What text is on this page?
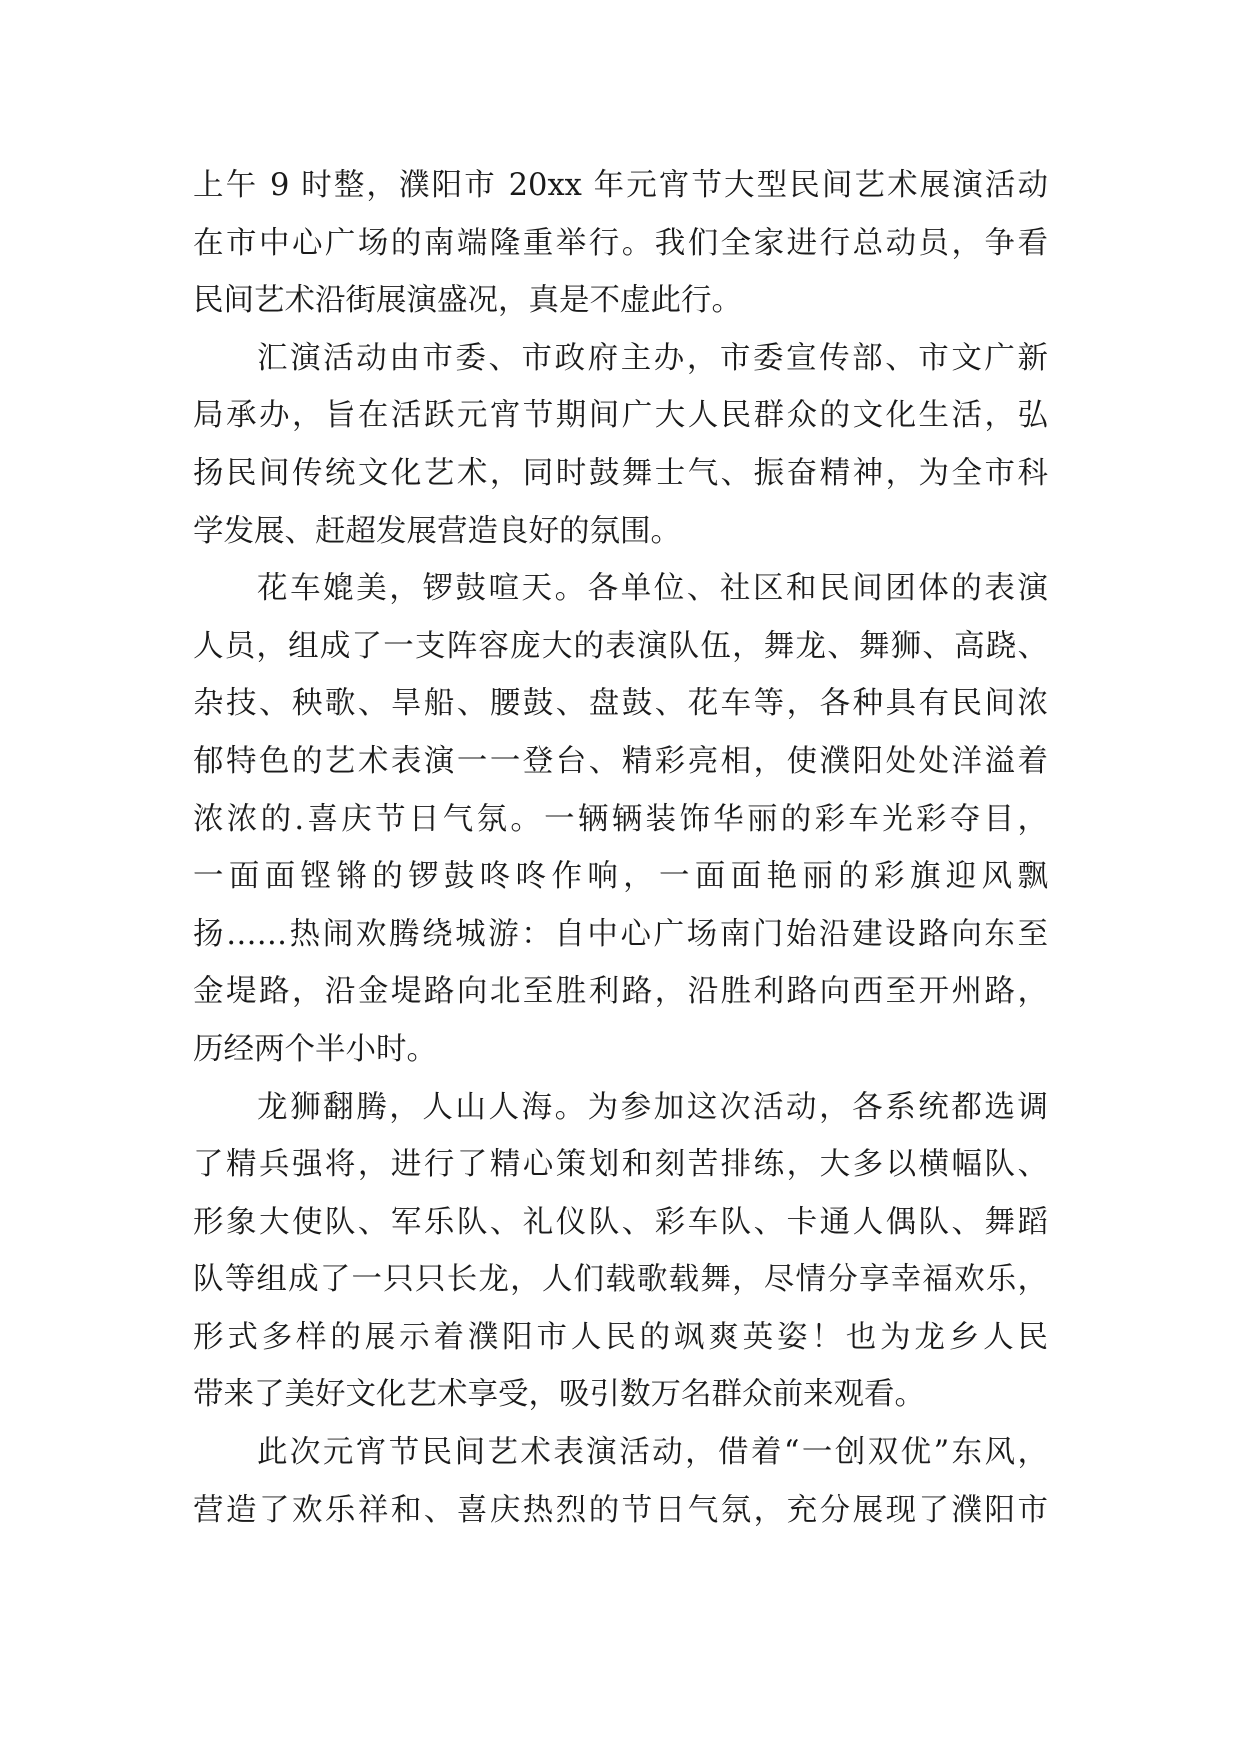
上午 9 时整，濮阳市 20xx 年元宵节大型民间艺术展演活动
在市中心广场的南端隆重举行。我们全家进行总动员，争看
民间艺术沿街展演盛况，真是不虚此行。
汇演活动由市委、市政府主办，市委宣传部、市文广新
局承办，旨在活跃元宵节期间广大人民群众的文化生活，弘
扬民间传统文化艺术，同时鼓舞士气、振奋精神，为全市科
学发展、赶超发展营造良好的氛围。
花车媲美，锣鼓喧天。各单位、社区和民间团体的表演
人员，组成了一支阵容庞大的表演队伍，舞龙、舞狮、高跷、
杂技、秧歌、旱船、腰鼓、盘鼓、花车等，各种具有民间浓
郁特色的艺术表演一一登台、精彩亮相，使濮阳处处洋溢着
浓浓的.喜庆节日气氛。一辆辆装饰华丽的彩车光彩夺目，
一面面铿锵的锣鼓咚咚作响，一面面艳丽的彩旗迎风飘
扬……热闹欢腾绕城游：自中心广场南门始沿建设路向东至
金堤路，沿金堤路向北至胜利路，沿胜利路向西至开州路，
历经两个半小时。
龙狮翻腾，人山人海。为参加这次活动，各系统都选调
了精兵强将，进行了精心策划和刻苦排练，大多以横幅队、
形象大使队、军乐队、礼仪队、彩车队、卡通人偶队、舞蹈
队等组成了一只只长龙，人们载歌载舞，尽情分享幸福欢乐，
形式多样的展示着濮阳市人民的飒爽英姿！也为龙乡人民
带来了美好文化艺术享受，吸引数万名群众前来观看。
此次元宵节民间艺术表演活动，借着“一创双优”东风，
营造了欢乐祥和、喜庆热烈的节日气氛，充分展现了濮阳市
